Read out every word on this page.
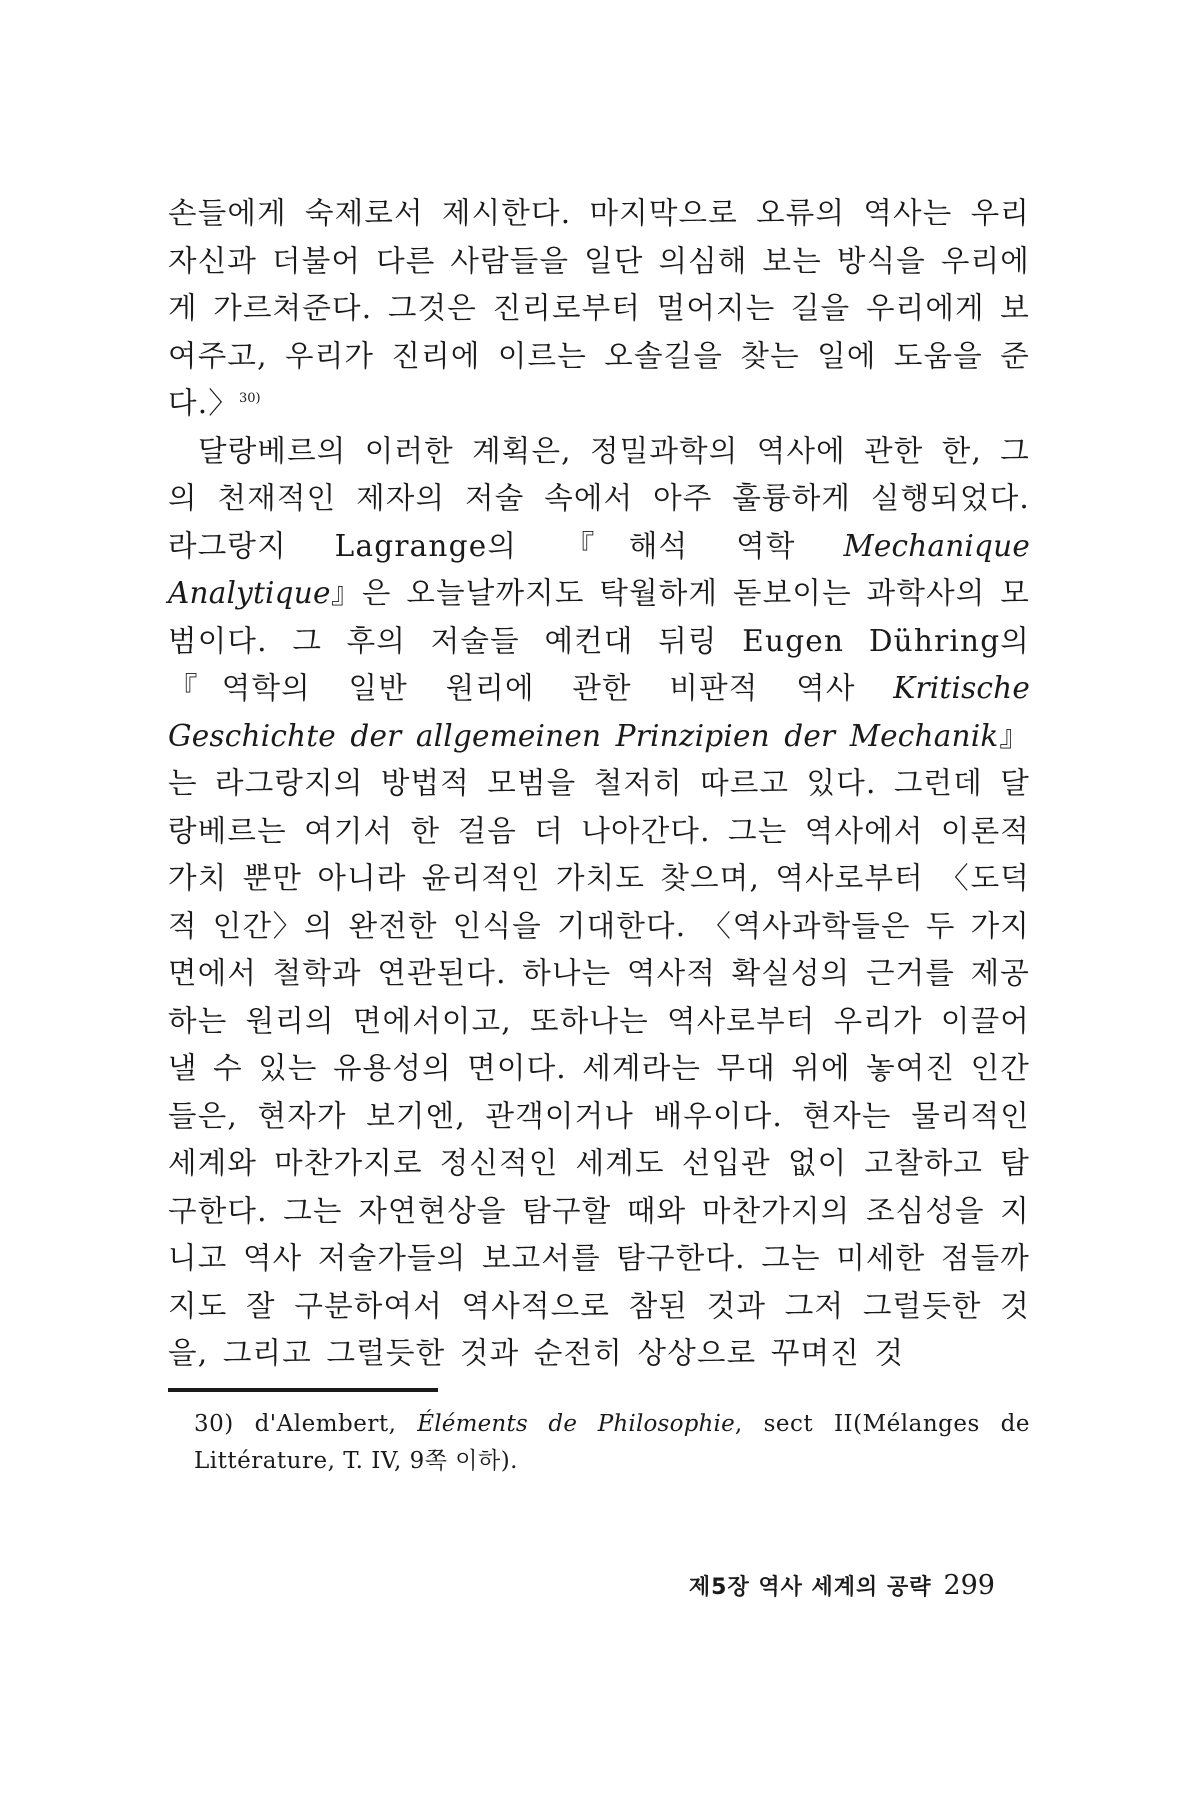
손들에게 숙제로서 제시한다. 마지막으로 오류의 역사는 우리 자신과 더불어 다른 사람들을 일단 의심해 보는 방식을 우리에게 가르쳐준다. 그것은 진리로부터 멀어지는 길을 우리에게 보여주고, 우리가 진리에 이르는 오솔길을 찾는 일에 도움을 준다.〉$^{30)}$

달랑베르의 이러한 계획은, 정밀과학의 역사에 관한 한, 그의 천재적인 제자의 저술 속에서 아주 훌륭하게 실행되었다. 라그랑지 Lagrange의 『해석 역학 Mechanique Analytique』은 오늘날까지도 탁월하게 돋보이는 과학사의 모범이다. 그 후의 저술들 예컨대 뒤링 Eugen Dühring의 『역학의 일반 원리에 관한 비판적 역사 Kritische Geschichte der allgemeinen Prinzipien der Mechanik』는 라그랑지의 방법적 모범을 철저히 따르고 있다. 그런데 달랑베르는 여기서 한 걸음 더 나아간다. 그는 역사에서 이론적 가치 뿐만 아니라 윤리적인 가치도 찾으며, 역사로부터 〈도덕적 인간〉의 완전한 인식을 기대한다. 〈역사과학들은 두 가지 면에서 철학과 연관된다. 하나는 역사적 확실성의 근거를 제공하는 원리의 면에서이고, 또하나는 역사로부터 우리가 이끌어낼 수 있는 유용성의 면이다. 세계라는 무대 위에 놓여진 인간들은, 현자가 보기엔, 관객이거나 배우이다. 현자는 물리적인 세계와 마찬가지로 정신적인 세계도 선입관 없이 고찰하고 탐구한다. 그는 자연현상을 탐구할 때와 마찬가지의 조심성을 지니고 역사 저술가들의 보고서를 탐구한다. 그는 미세한 점들까지도 잘 구분하여서 역사적으로 참된 것과 그저 그럴듯한 것을, 그리고 그럴듯한 것과 순전히 상상으로 꾸며진 것

30) d'Alembert, Éléments de Philosophie, sect II(Mélanges de Littérature, T. IV, 9쪽 이하).
제5장 역사 세계의 공략 299
